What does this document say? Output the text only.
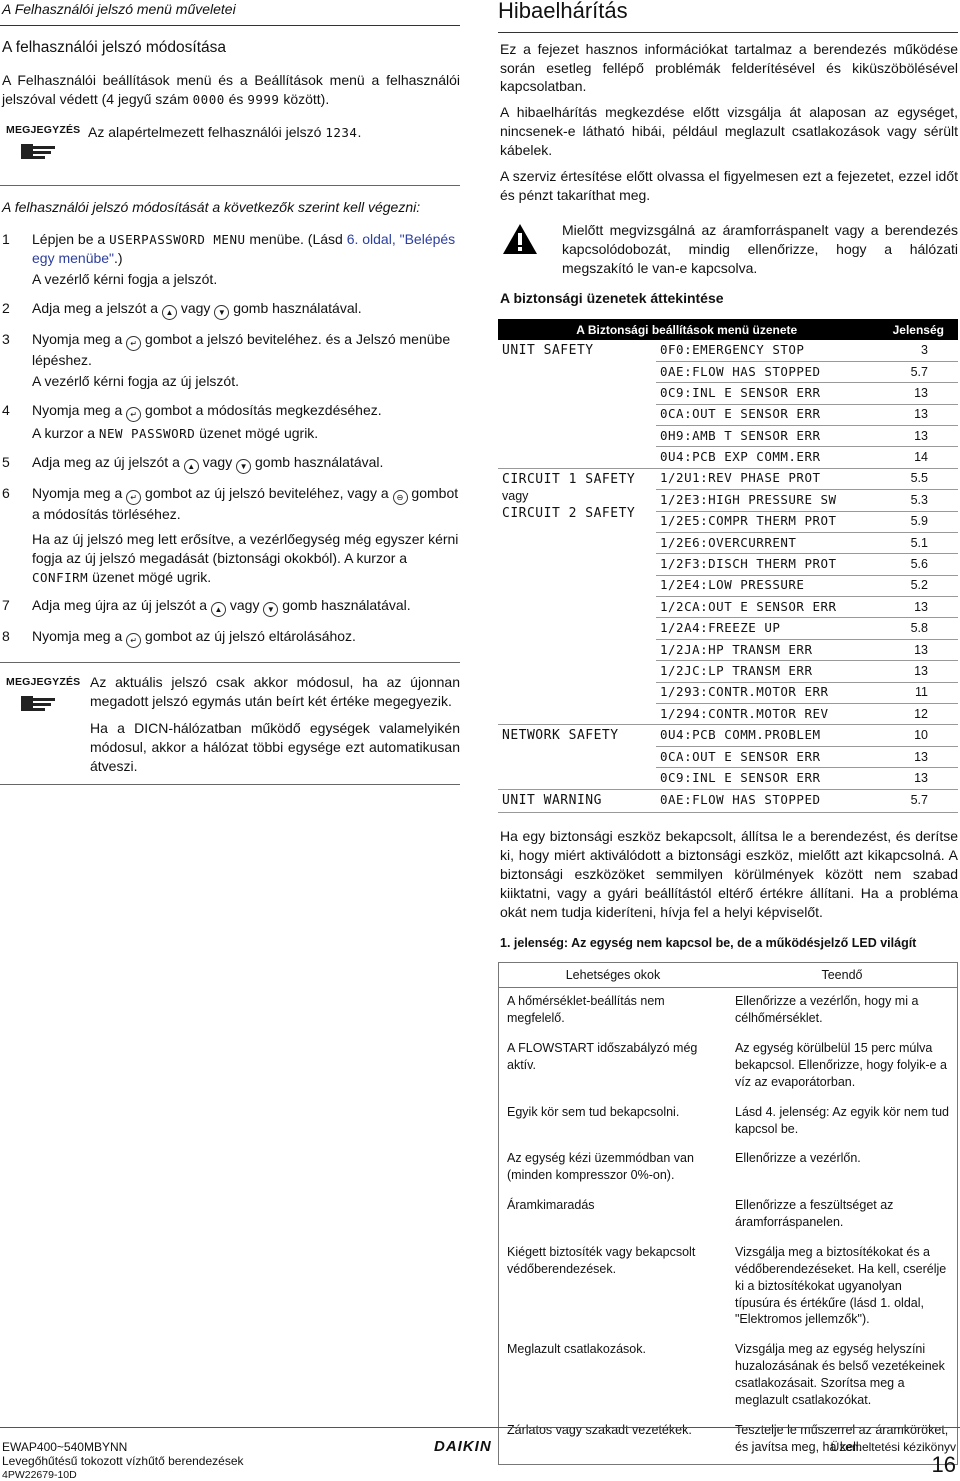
A Felhasználói jelszó menü műveletei
A felhasználói jelszó módosítása

A Felhasználói beállítások menü és a Beállítások menü a felhasználói jelszóval védett (4 jegyű szám 0000 és 9999 között).

MEGJEGYZÉS Az alapértelmezett felhasználói jelszó 1234.

A felhasználói jelszó módosítását a következők szerint kell végezni:

1 Lépjen be a USERPASSWORD MENU menübe. (Lásd 6. oldal, "Belépés egy menübe".)

A vezérlő kérni fogja a jelszót.

2 Adja meg a jelszót a ▲ vagy ▼ gomb használatával.

3 Nyomja meg a ↵ gombot a jelszó beviteléhez. és a Jelszó menübe lépéshez.

A vezérlő kérni fogja az új jelszót.

4 Nyomja meg a ↵ gombot a módosítás megkezdéséhez.

A kurzor a NEW PASSWORD üzenet mögé ugrik.

5 Adja meg az új jelszót a ▲ vagy ▼ gomb használatával.

6 Nyomja meg a ↵ gombot az új jelszó beviteléhez, vagy a ⊖ gombot a módosítás törléséhez.

Ha az új jelszó meg lett erősítve, a vezérlőegység még egyszer kérni fogja az új jelszó megadását (biztonsági okokból). A kurzor a CONFIRM üzenet mögé ugrik.

7 Adja meg újra az új jelszót a ▲ vagy ▼ gomb használatával.

8 Nyomja meg a ↵ gombot az új jelszó eltárolásához.

MEGJEGYZÉS Az aktuális jelszó csak akkor módosul, ha az újonnan megadott jelszó egymás után beírt két értéke megegyezik.

Ha a DICN-hálózatban működő egységek valamelyikén módosul, akkor a hálózat többi egysége ezt automatikusan átveszi.

Hibaelhárítás

Ez a fejezet hasznos információkat tartalmaz a berendezés működése során esetleg fellépő problémák felderítésével és kiküszöbölésével kapcsolatban.

A hibaelhárítás megkezdése előtt vizsgálja át alaposan az egységet, nincsenek-e látható hibái, például meglazult csatlakozások vagy sérült kábelek.

A szerviz értesítése előtt olvassa el figyelmesen ezt a fejezetet, ezzel időt és pénzt takaríthat meg.

Mielőtt megvizsgálná az áramforráspanelt vagy a berendezés kapcsolódobozát, mindig ellenőrizze, hogy a hálózati megszakító le van-e kapcsolva.

A biztonsági üzenetek áttekintése
A Biztonsági beállítások menü üzenete		Jelenség

UNIT SAFETY	0F0:EMERGENCY STOP	3
	0AE:FLOW HAS STOPPED	5.7
	0C9:INL E SENSOR ERR	13
	0CA:OUT E SENSOR ERR	13
	0H9:AMB T SENSOR ERR	13
	0U4:PCB EXP COMM.ERR	14

CIRCUIT 1 SAFETY
vagy
CIRCUIT 2 SAFETY	1/2U1:REV PHASE PROT	5.5
	1/2E3:HIGH PRESSURE SW	5.3
	1/2E5:COMPR THERM PROT	5.9
	1/2E6:OVERCURRENT	5.1
	1/2F3:DISCH THERM PROT	5.6
	1/2E4:LOW PRESSURE	5.2
	1/2CA:OUT E SENSOR ERR	13
	1/2A4:FREEZE UP	5.8
	1/2JA:HP TRANSM ERR	13
	1/2JC:LP TRANSM ERR	13
	1/293:CONTR.MOTOR ERR	11
	1/294:CONTR.MOTOR REV	12

NETWORK SAFETY	0U4:PCB COMM.PROBLEM	10
	0CA:OUT E SENSOR ERR	13
	0C9:INL E SENSOR ERR	13

UNIT WARNING	0AE:FLOW HAS STOPPED	5.7

Ha egy biztonsági eszköz bekapcsolt, állítsa le a berendezést, és derítse ki, hogy miért aktiválódott a biztonsági eszköz, mielőtt azt kikapcsolná. A biztonsági eszközöket semmilyen körülmények között nem szabad kiiktatni, vagy a gyári beállítástól eltérő értékre állítani. Ha a probléma okát nem tudja kideríteni, hívja fel a helyi képviselőt.

1. jelenség: Az egység nem kapcsol be, de a működésjelző LED világít
Lehetséges okok	Teendő
A hőmérséklet-beállítás nem megfelelő.	Ellenőrizze a vezérlőn, hogy mi a célhőmérséklet.
A FLOWSTART időszabályzó még aktív.	Az egység körülbelül 15 perc múlva bekapcsol. Ellenőrizze, hogy folyik-e a víz az evaporátorban.
Egyik kör sem tud bekapcsolni.	Lásd 4. jelenség: Az egyik kör nem tud kapcsol be.
Az egység kézi üzemmódban van (minden kompresszor 0%-on).	Ellenőrizze a vezérlőn.
Áramkimaradás	Ellenőrizze a feszültséget az áramforráspanelen.
Kiégett biztosíték vagy bekapcsolt védőberendezések.	Vizsgálja meg a biztosítékokat és a védőberendezéseket. Ha kell, cserélje ki a biztosítékokat ugyanolyan típusúra és értékűre (lásd 1. oldal, "Elektromos jellemzők").
Meglazult csatlakozások.	Vizsgálja meg az egység helyszíni huzalozásának és belső vezetékeinek csatlakozásait. Szorítsa meg a meglazult csatlakozókat.
Zárlatos vagy szakadt vezetékek.	Tesztelje le műszerrel az áramköröket, és javítsa meg, ha kell.
EWAP400~540MBYNN
Levegőhűtésű tokozott vízhűtő berendezések
4PW22679-10D
DAIKIN	Üzemeltetési kézikönyv
16
